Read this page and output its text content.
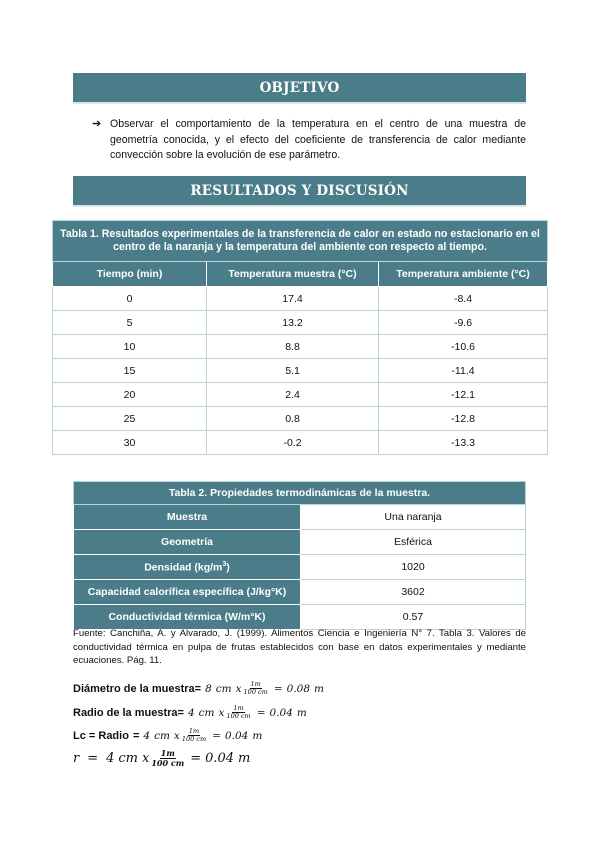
OBJETIVO
➔ Observar el comportamiento de la temperatura en el centro de una muestra de geometría conocida, y el efecto del coeficiente de transferencia de calor mediante convección sobre la evolución de ese parámetro.
RESULTADOS Y DISCUSIÓN
Tabla 1. Resultados experimentales de la transferencia de calor en estado no estacionario en el centro de la naranja y la temperatura del ambiente con respecto al tiempo.		
Tiempo (min)	Temperatura muestra (°C)	Temperatura ambiente (°C)
0	17.4	-8.4
5	13.2	-9.6
10	8.8	-10.6
15	5.1	-11.4
20	2.4	-12.1
25	0.8	-12.8
30	-0.2	-13.3
Tabla 2. Propiedades termodinámicas de la muestra.	
Muestra	Una naranja
Geometría	Esférica
Densidad $(kg/m^3)$	1020
Capacidad calorífica específica (J/kg°K)	3602
Conductividad térmica (W/m°K)	0.57
Fuente: Canchiña, A. y Alvarado, J. (1999). Alimentos Ciencia e Ingeniería N° 7. Tabla 3. Valores de conductividad térmica en pulpa de frutas establecidos con base en datos experimentales y mediante ecuaciones. Pág. 11.
Diámetro de la muestra = 8 cm x $\frac{1m}{100 cm} = 0.08$ m
Radio de la muestra = 4 cm x $\frac{1m}{100 cm} = 0.04$ m
Lc = Radio = 4 cm x $\frac{1m}{100 cm} = 0.04$ m
r = 4 cm x $\frac{1m}{100 cm} = 0.04$ m
